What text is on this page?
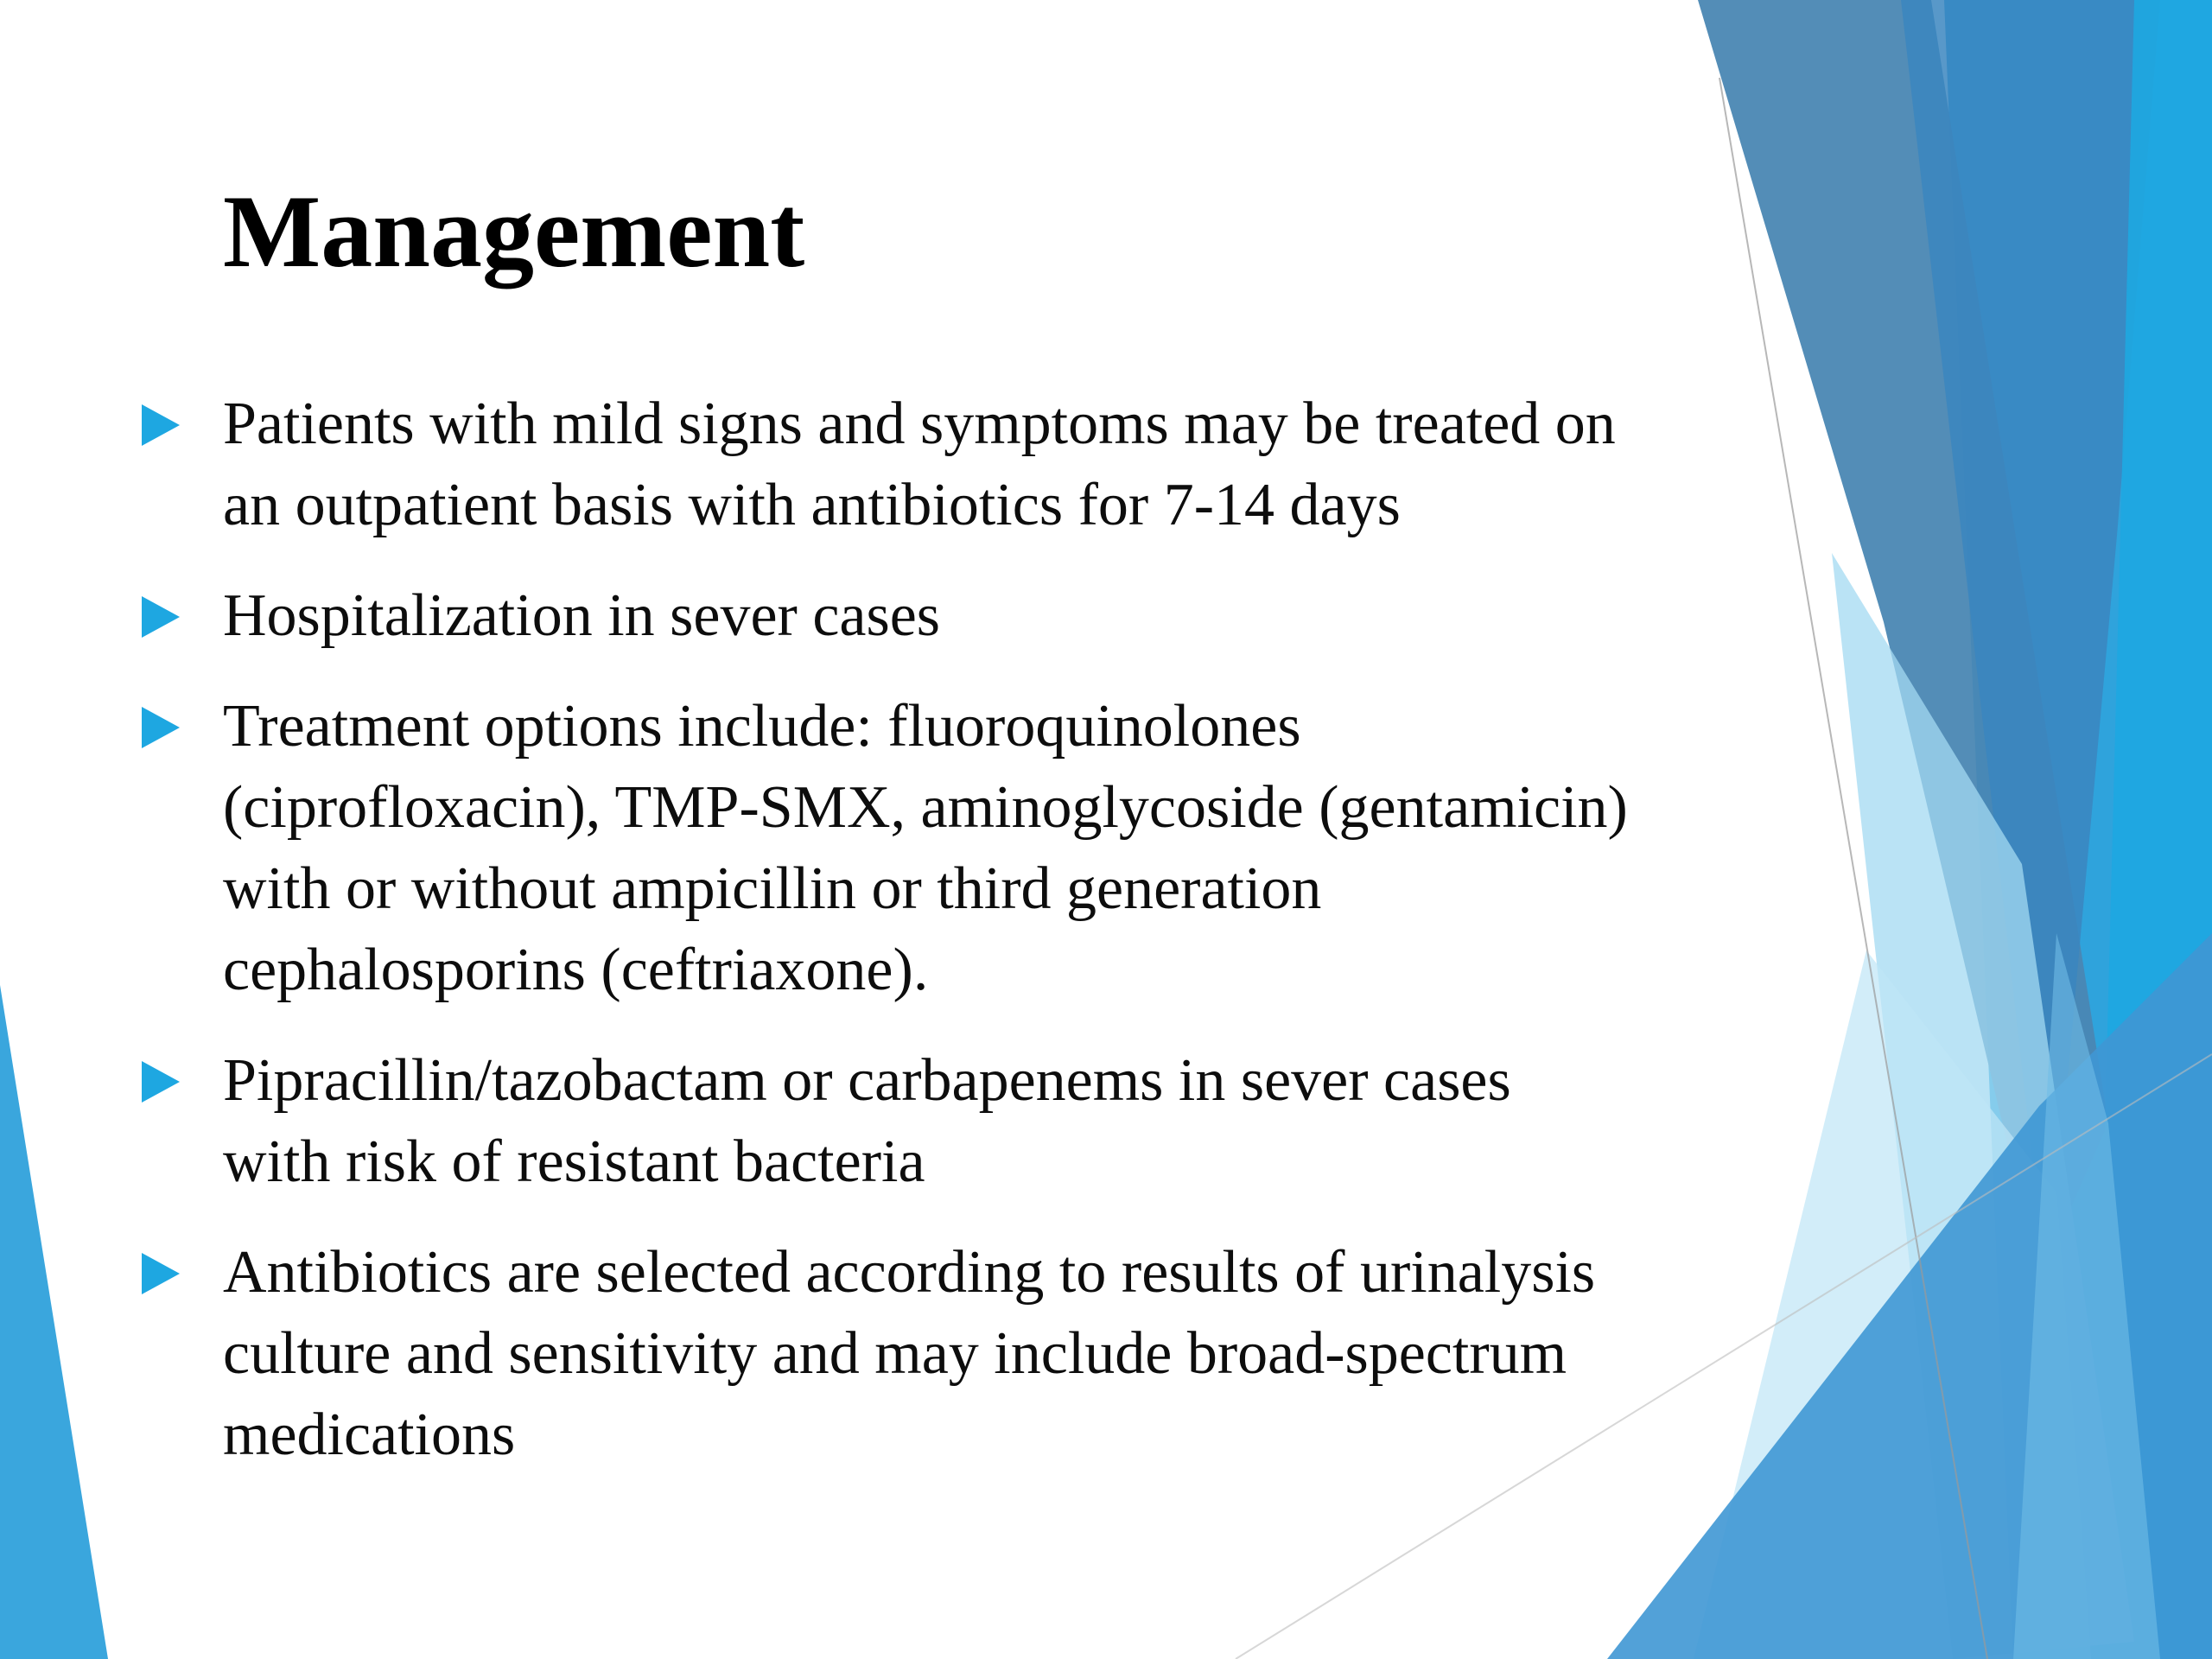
Management
Patients with mild signs and symptoms may be treated on
an outpatient basis with antibiotics for 7-14 days
Hospitalization in sever cases
Treatment options include: fluoroquinolones
(ciprofloxacin), TMP-SMX, aminoglycoside (gentamicin)
with or without ampicillin or third generation
cephalosporins (ceftriaxone).
Pipracillin/tazobactam or carbapenems in sever cases
with risk of resistant bacteria
Antibiotics are selected according to results of urinalysis
culture and sensitivity and may include broad-spectrum
medications
